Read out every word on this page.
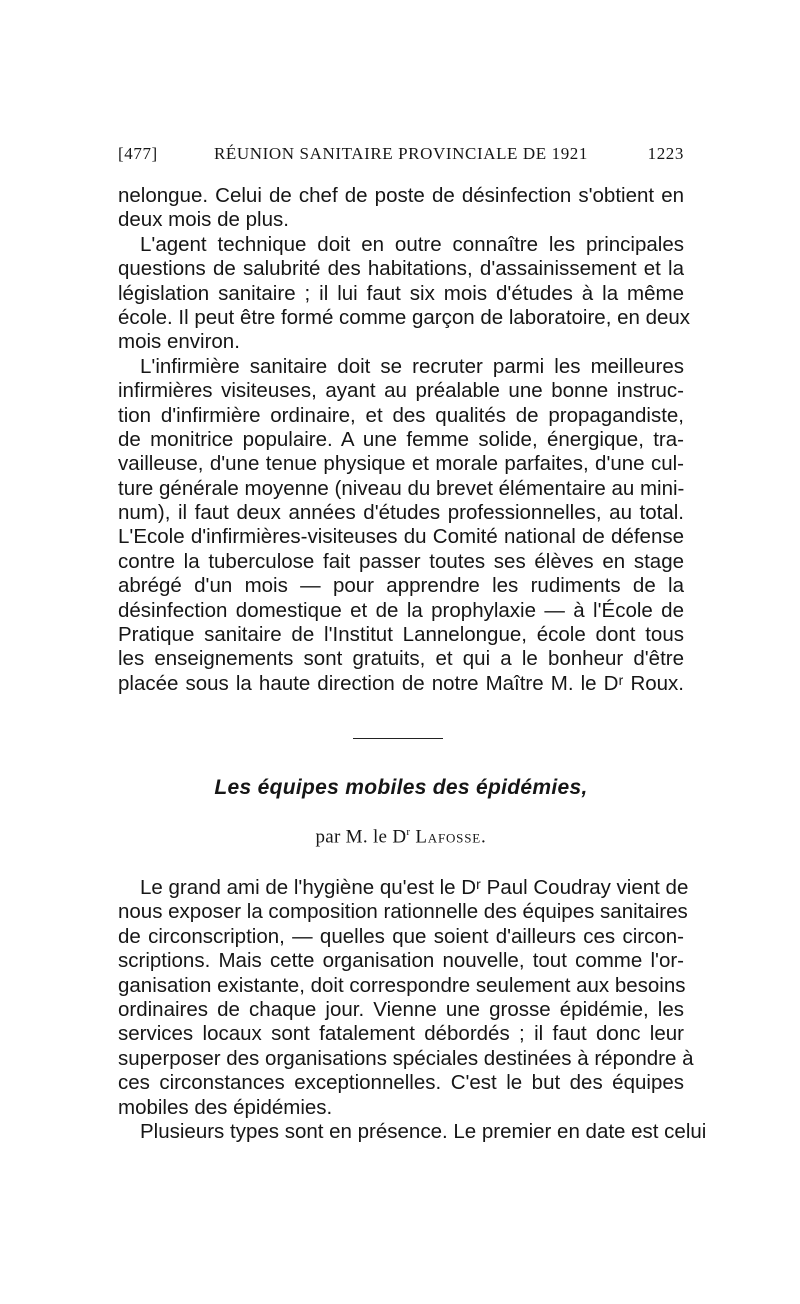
[477]	RÉUNION SANITAIRE PROVINCIALE DE 1921	1223
nelongue. Celui de chef de poste de désinfection s'obtient en
deux mois de plus.
L'agent technique doit en outre connaître les principales
questions de salubrité des habitations, d'assainissement et la
législation sanitaire ; il lui faut six mois d'études à la même
école. Il peut être formé comme garçon de laboratoire, en deux
mois environ.
L'infirmière sanitaire doit se recruter parmi les meilleures
infirmières visiteuses, ayant au préalable une bonne instruc-
tion d'infirmière ordinaire, et des qualités de propagandiste,
de monitrice populaire. A une femme solide, énergique, tra-
vailleuse, d'une tenue physique et morale parfaites, d'une cul-
ture générale moyenne (niveau du brevet élémentaire au mini-
num), il faut deux années d'études professionnelles, au total.
L'Ecole d'infirmières-visiteuses du Comité national de défense
contre la tuberculose fait passer toutes ses élèves en stage
abrégé d'un mois — pour apprendre les rudiments de la
désinfection domestique et de la prophylaxie — à l'École de
Pratique sanitaire de l'Institut Lannelongue, école dont tous
les enseignements sont gratuits, et qui a le bonheur d'être
placée sous la haute direction de notre Maître M. le Dʳ Roux.
Les équipes mobiles des épidémies,
par M. le $D^r$ Lafosse.
Le grand ami de l'hygiène qu'est le Dʳ Paul Coudray vient de
nous exposer la composition rationnelle des équipes sanitaires
de circonscription, — quelles que soient d'ailleurs ces circon-
scriptions. Mais cette organisation nouvelle, tout comme l'or-
ganisation existante, doit correspondre seulement aux besoins
ordinaires de chaque jour. Vienne une grosse épidémie, les
services locaux sont fatalement débordés ; il faut donc leur
superposer des organisations spéciales destinées à répondre à
ces circonstances exceptionnelles. C'est le but des équipes
mobiles des épidémies.
Plusieurs types sont en présence. Le premier en date est celui
